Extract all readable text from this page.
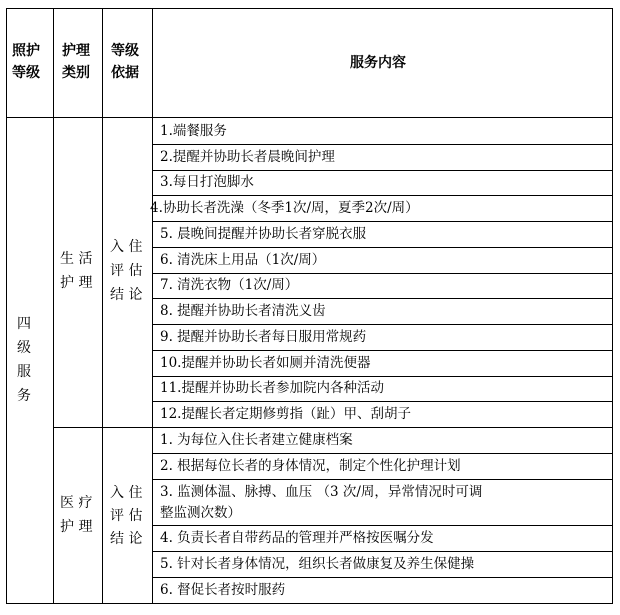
照护
等级
护理
类别
等级
依据
服务内容
四
级
服
务
生 活
护 理
入 住
评 估
结 论
1.端餐服务
2.提醒并协助长者晨晚间护理
3.每日打泡脚水
4.协助长者洗澡（冬季1次/周，夏季2次/周）
5. 晨晚间提醒并协助长者穿脱衣服
6. 清洗床上用品（1次/周）
7. 清洗衣物（1次/周）
8. 提醒并协助长者清洗义齿
9. 提醒并协助长者每日服用常规药
10.提醒并协助长者如厕并清洗便器
11.提醒并协助长者参加院内各种活动
12.提醒长者定期修剪指（趾）甲、刮胡子
医 疗
护 理
入 住
评 估
结 论
1. 为每位入住长者建立健康档案
2. 根据每位长者的身体情况，制定个性化护理计划
3. 监测体温、脉搏、血压 （3 次/周，异常情况时可调
整监测次数）
4. 负责长者自带药品的管理并严格按医嘱分发
5. 针对长者身体情况，组织长者做康复及养生保健操
6. 督促长者按时服药
